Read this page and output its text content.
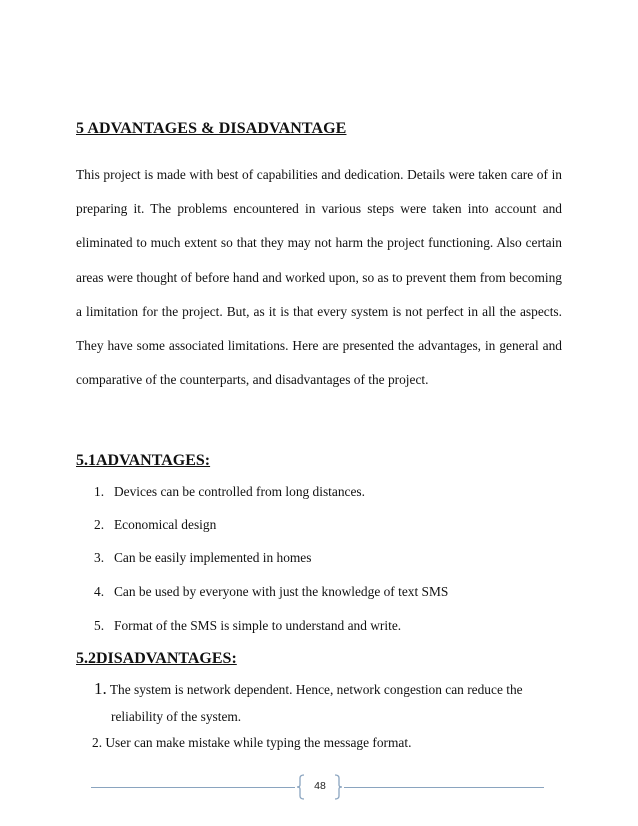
5 ADVANTAGES & DISADVANTAGE

This project is made with best of capabilities and dedication. Details were taken care of in preparing it. The problems encountered in various steps were taken into account and eliminated to much extent so that they may not harm the project functioning. Also certain areas were thought of before hand and worked upon, so as to prevent them from becoming a limitation for the project. But, as it is that every system is not perfect in all the aspects. They have some associated limitations. Here are presented the advantages, in general and comparative of the counterparts, and disadvantages of the project.

5.1ADVANTAGES:
1. Devices can be controlled from long distances.
2. Economical design
3. Can be easily implemented in homes
4. Can be used by everyone with just the knowledge of text SMS
5. Format of the SMS is simple to understand and write.
5.2DISADVANTAGES:
1. The system is network dependent. Hence, network congestion can reduce the
reliability of the system.
2. User can make mistake while typing the message format.
48
